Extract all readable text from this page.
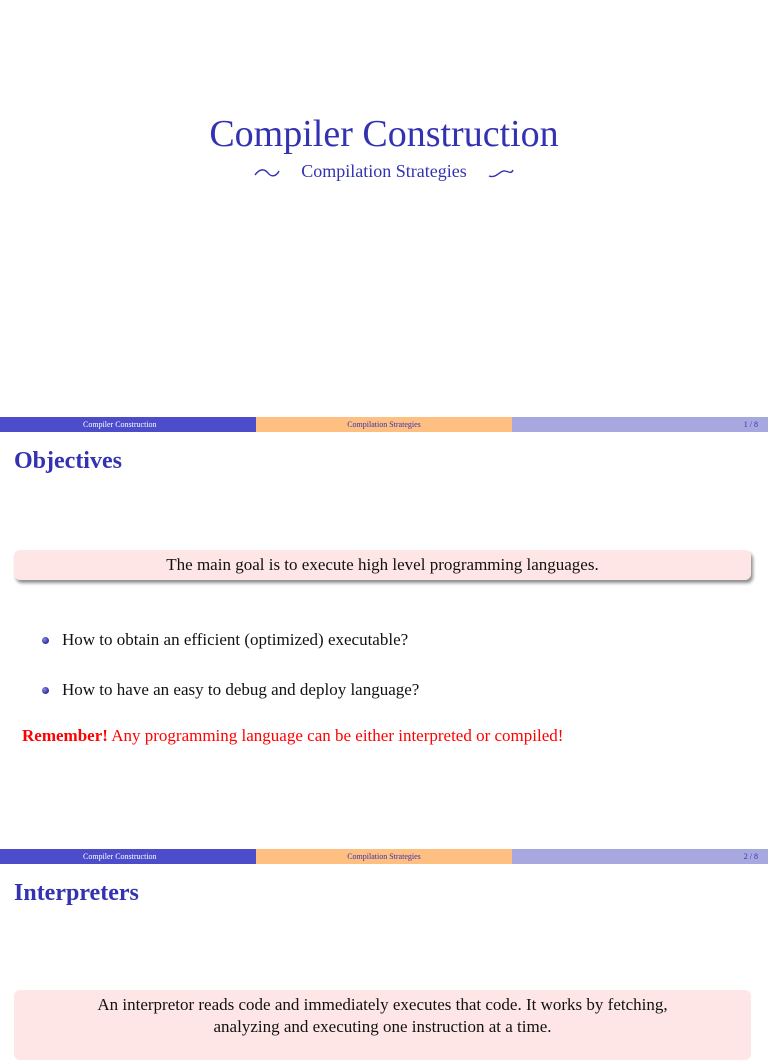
Compiler Construction
Compilation Strategies
Compiler Construction	Compilation Strategies	1 / 8
Objectives
The main goal is to execute high level programming languages.
How to obtain an efficient (optimized) executable?
How to have an easy to debug and deploy language?
Remember! Any programming language can be either interpreted or compiled!
Compiler Construction	Compilation Strategies	2 / 8
Interpreters
An interpretor reads code and immediately executes that code. It works by fetching,
analyzing and executing one instruction at a time.
